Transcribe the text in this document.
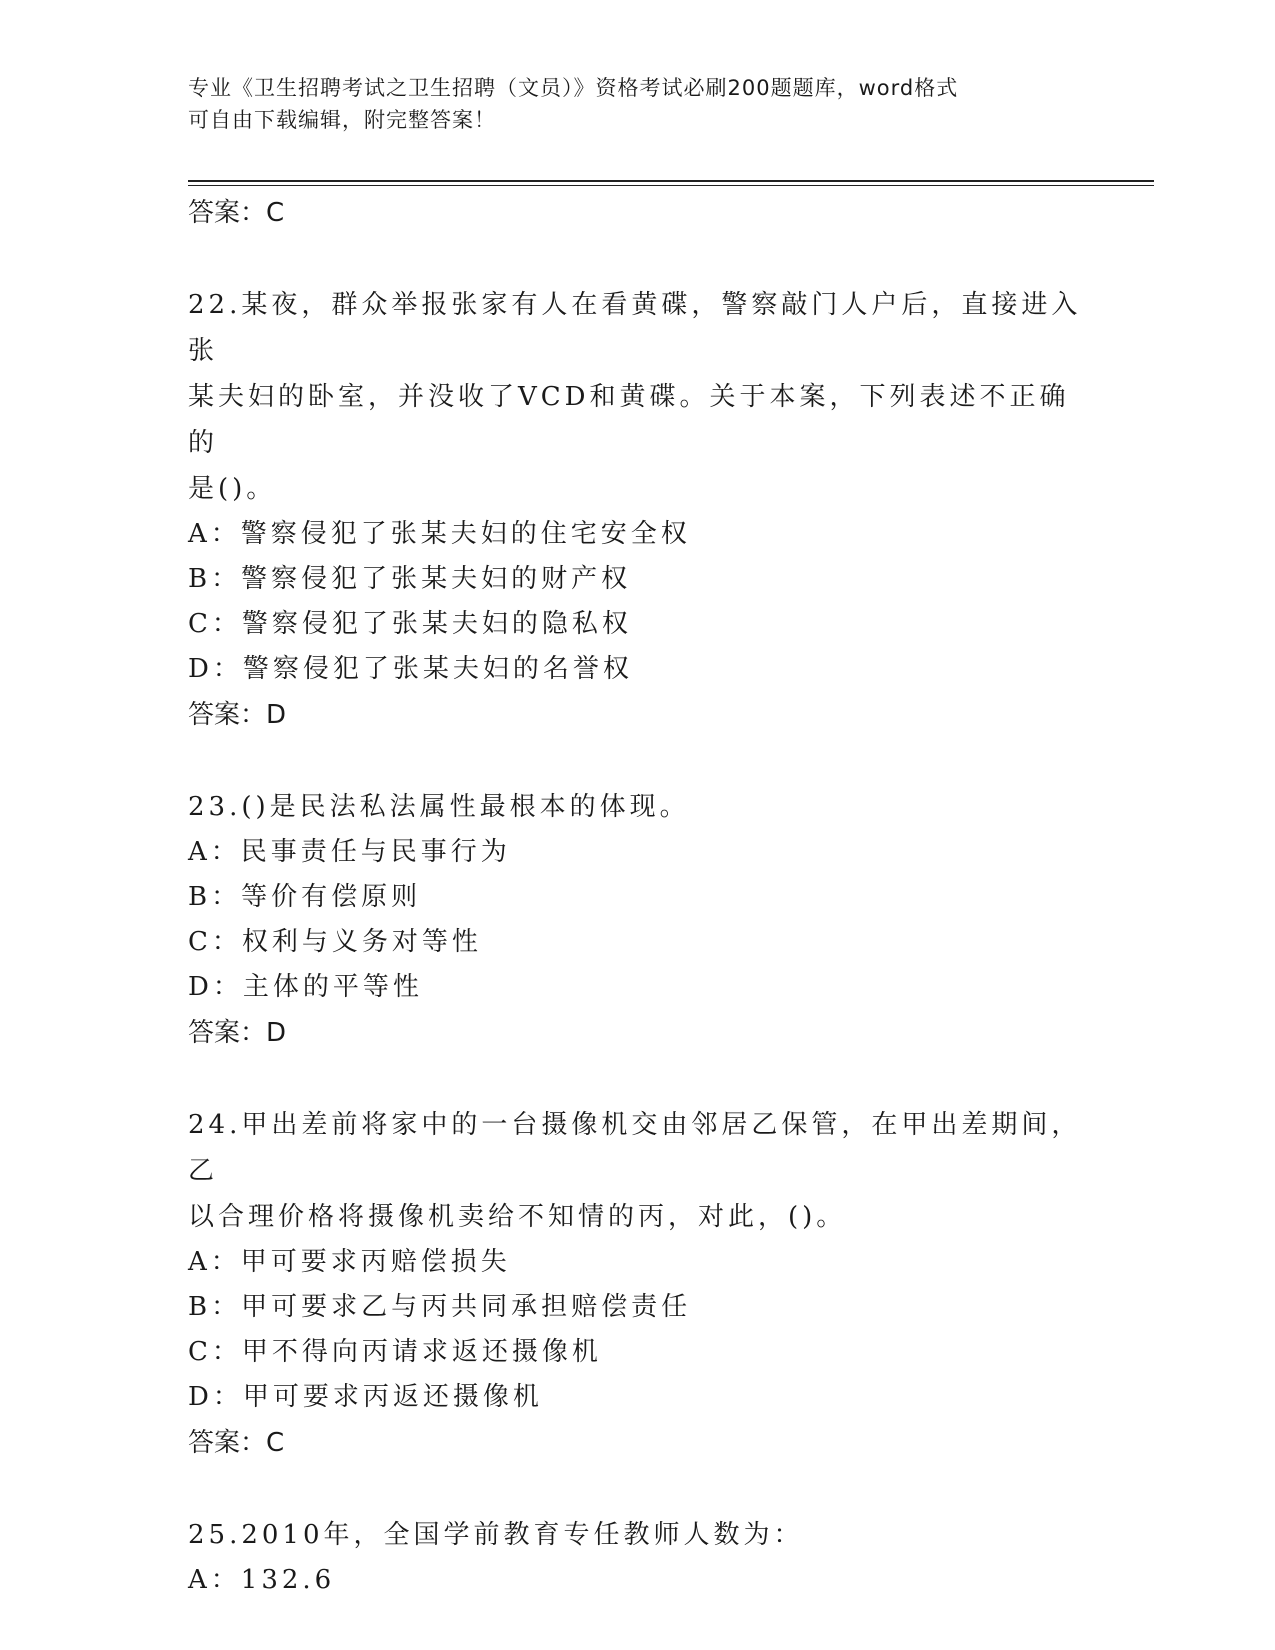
专业《卫生招聘考试之卫生招聘（文员）》资格考试必刷200题题库，word格式
可自由下载编辑，附完整答案！
答案：C
22.某夜，群众举报张家有人在看黄碟，警察敲门人户后，直接进入张
某夫妇的卧室，并没收了VCD和黄碟。关于本案，下列表述不正确的
是()。
A：警察侵犯了张某夫妇的住宅安全权
B：警察侵犯了张某夫妇的财产权
C：警察侵犯了张某夫妇的隐私权
D：警察侵犯了张某夫妇的名誉权
答案：D
23.()是民法私法属性最根本的体现。
A：民事责任与民事行为
B：等价有偿原则
C：权利与义务对等性
D：主体的平等性
答案：D
24.甲出差前将家中的一台摄像机交由邻居乙保管，在甲出差期间，乙
以合理价格将摄像机卖给不知情的丙，对此，()。
A：甲可要求丙赔偿损失
B：甲可要求乙与丙共同承担赔偿责任
C：甲不得向丙请求返还摄像机
D：甲可要求丙返还摄像机
答案：C
25.2010年，全国学前教育专任教师人数为：
A：132.6
